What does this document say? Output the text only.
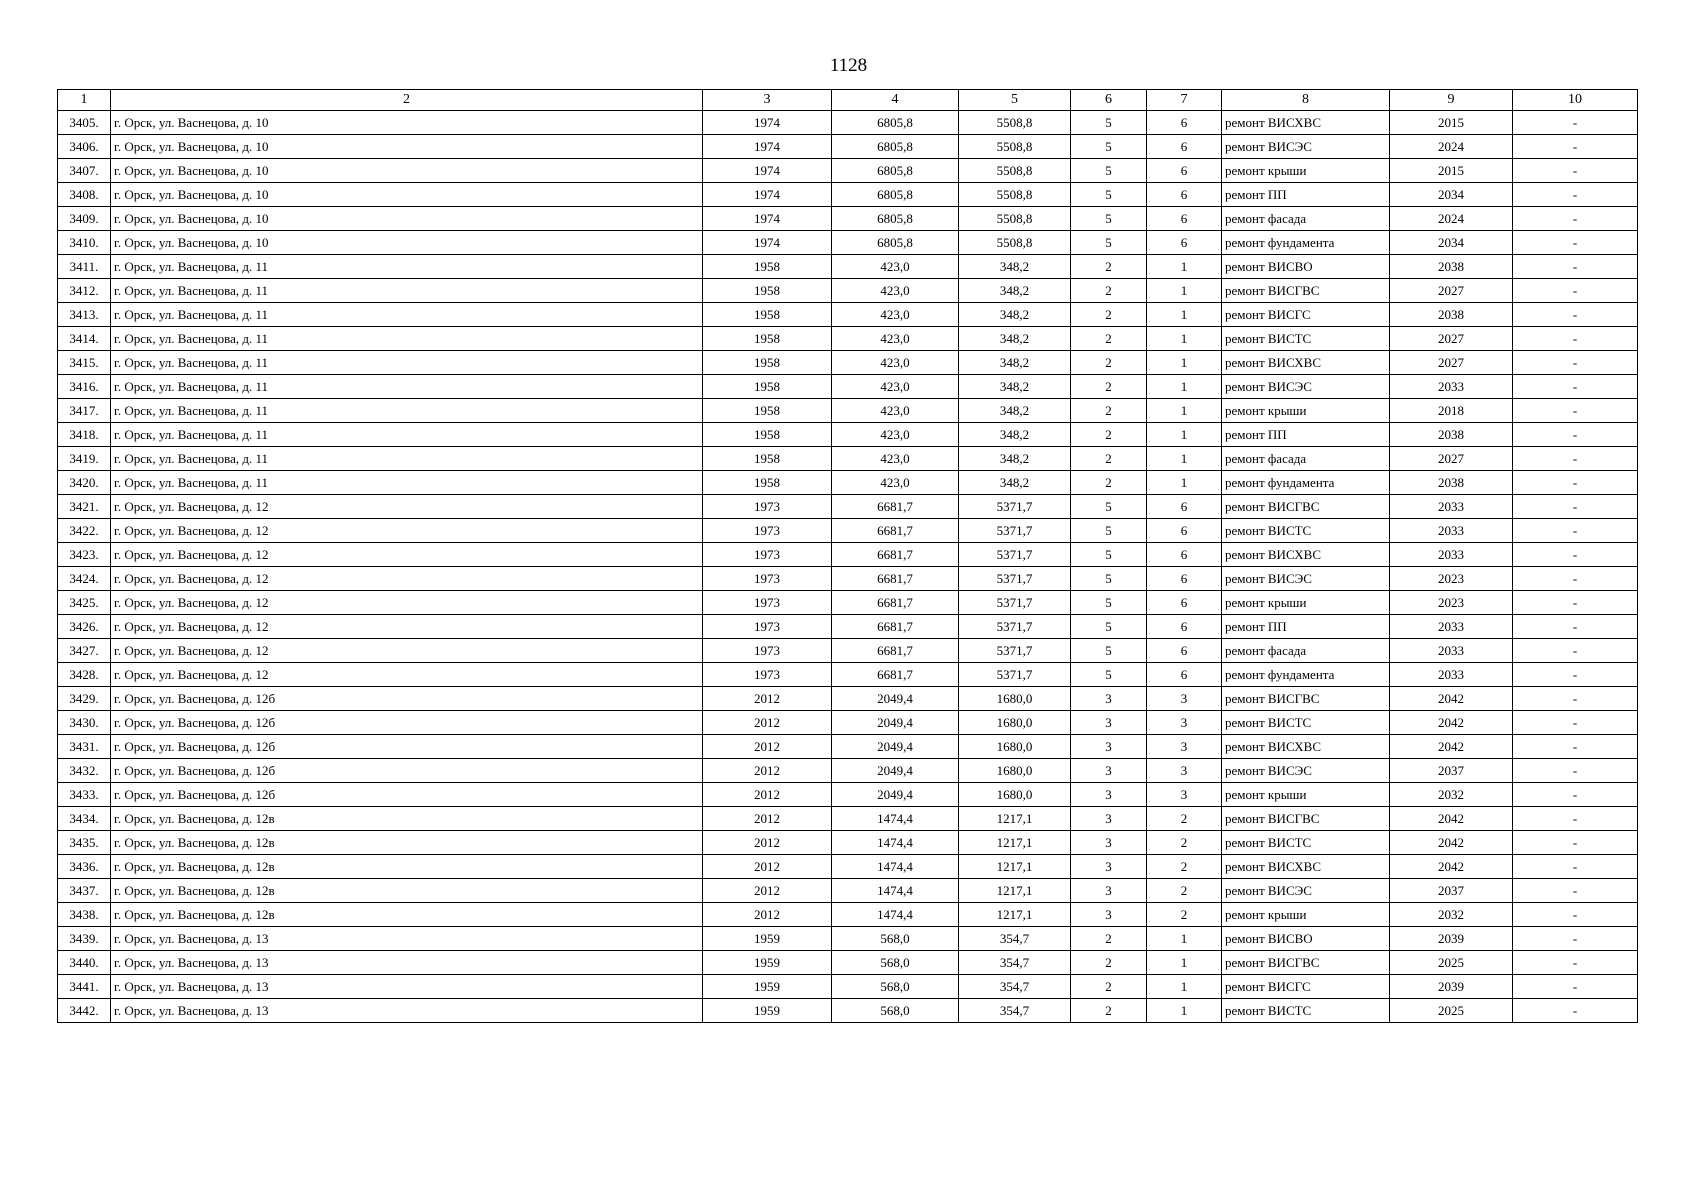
1128
1	2	3	4	5	6	7	8	9	10
3405.	г. Орск, ул. Васнецова, д. 10	1974	6805,8	5508,8	5	6	ремонт ВИСХВС	2015	-
3406.	г. Орск, ул. Васнецова, д. 10	1974	6805,8	5508,8	5	6	ремонт ВИСЭС	2024	-
3407.	г. Орск, ул. Васнецова, д. 10	1974	6805,8	5508,8	5	6	ремонт крыши	2015	-
3408.	г. Орск, ул. Васнецова, д. 10	1974	6805,8	5508,8	5	6	ремонт ПП	2034	-
3409.	г. Орск, ул. Васнецова, д. 10	1974	6805,8	5508,8	5	6	ремонт фасада	2024	-
3410.	г. Орск, ул. Васнецова, д. 10	1974	6805,8	5508,8	5	6	ремонт фундамента	2034	-
3411.	г. Орск, ул. Васнецова, д. 11	1958	423,0	348,2	2	1	ремонт ВИСВО	2038	-
3412.	г. Орск, ул. Васнецова, д. 11	1958	423,0	348,2	2	1	ремонт ВИСГВС	2027	-
3413.	г. Орск, ул. Васнецова, д. 11	1958	423,0	348,2	2	1	ремонт ВИСГС	2038	-
3414.	г. Орск, ул. Васнецова, д. 11	1958	423,0	348,2	2	1	ремонт ВИСТС	2027	-
3415.	г. Орск, ул. Васнецова, д. 11	1958	423,0	348,2	2	1	ремонт ВИСХВС	2027	-
3416.	г. Орск, ул. Васнецова, д. 11	1958	423,0	348,2	2	1	ремонт ВИСЭС	2033	-
3417.	г. Орск, ул. Васнецова, д. 11	1958	423,0	348,2	2	1	ремонт крыши	2018	-
3418.	г. Орск, ул. Васнецова, д. 11	1958	423,0	348,2	2	1	ремонт ПП	2038	-
3419.	г. Орск, ул. Васнецова, д. 11	1958	423,0	348,2	2	1	ремонт фасада	2027	-
3420.	г. Орск, ул. Васнецова, д. 11	1958	423,0	348,2	2	1	ремонт фундамента	2038	-
3421.	г. Орск, ул. Васнецова, д. 12	1973	6681,7	5371,7	5	6	ремонт ВИСГВС	2033	-
3422.	г. Орск, ул. Васнецова, д. 12	1973	6681,7	5371,7	5	6	ремонт ВИСТС	2033	-
3423.	г. Орск, ул. Васнецова, д. 12	1973	6681,7	5371,7	5	6	ремонт ВИСХВС	2033	-
3424.	г. Орск, ул. Васнецова, д. 12	1973	6681,7	5371,7	5	6	ремонт ВИСЭС	2023	-
3425.	г. Орск, ул. Васнецова, д. 12	1973	6681,7	5371,7	5	6	ремонт крыши	2023	-
3426.	г. Орск, ул. Васнецова, д. 12	1973	6681,7	5371,7	5	6	ремонт ПП	2033	-
3427.	г. Орск, ул. Васнецова, д. 12	1973	6681,7	5371,7	5	6	ремонт фасада	2033	-
3428.	г. Орск, ул. Васнецова, д. 12	1973	6681,7	5371,7	5	6	ремонт фундамента	2033	-
3429.	г. Орск, ул. Васнецова, д. 12б	2012	2049,4	1680,0	3	3	ремонт ВИСГВС	2042	-
3430.	г. Орск, ул. Васнецова, д. 12б	2012	2049,4	1680,0	3	3	ремонт ВИСТС	2042	-
3431.	г. Орск, ул. Васнецова, д. 12б	2012	2049,4	1680,0	3	3	ремонт ВИСХВС	2042	-
3432.	г. Орск, ул. Васнецова, д. 12б	2012	2049,4	1680,0	3	3	ремонт ВИСЭС	2037	-
3433.	г. Орск, ул. Васнецова, д. 12б	2012	2049,4	1680,0	3	3	ремонт крыши	2032	-
3434.	г. Орск, ул. Васнецова, д. 12в	2012	1474,4	1217,1	3	2	ремонт ВИСГВС	2042	-
3435.	г. Орск, ул. Васнецова, д. 12в	2012	1474,4	1217,1	3	2	ремонт ВИСТС	2042	-
3436.	г. Орск, ул. Васнецова, д. 12в	2012	1474,4	1217,1	3	2	ремонт ВИСХВС	2042	-
3437.	г. Орск, ул. Васнецова, д. 12в	2012	1474,4	1217,1	3	2	ремонт ВИСЭС	2037	-
3438.	г. Орск, ул. Васнецова, д. 12в	2012	1474,4	1217,1	3	2	ремонт крыши	2032	-
3439.	г. Орск, ул. Васнецова, д. 13	1959	568,0	354,7	2	1	ремонт ВИСВО	2039	-
3440.	г. Орск, ул. Васнецова, д. 13	1959	568,0	354,7	2	1	ремонт ВИСГВС	2025	-
3441.	г. Орск, ул. Васнецова, д. 13	1959	568,0	354,7	2	1	ремонт ВИСГС	2039	-
3442.	г. Орск, ул. Васнецова, д. 13	1959	568,0	354,7	2	1	ремонт ВИСТС	2025	-
